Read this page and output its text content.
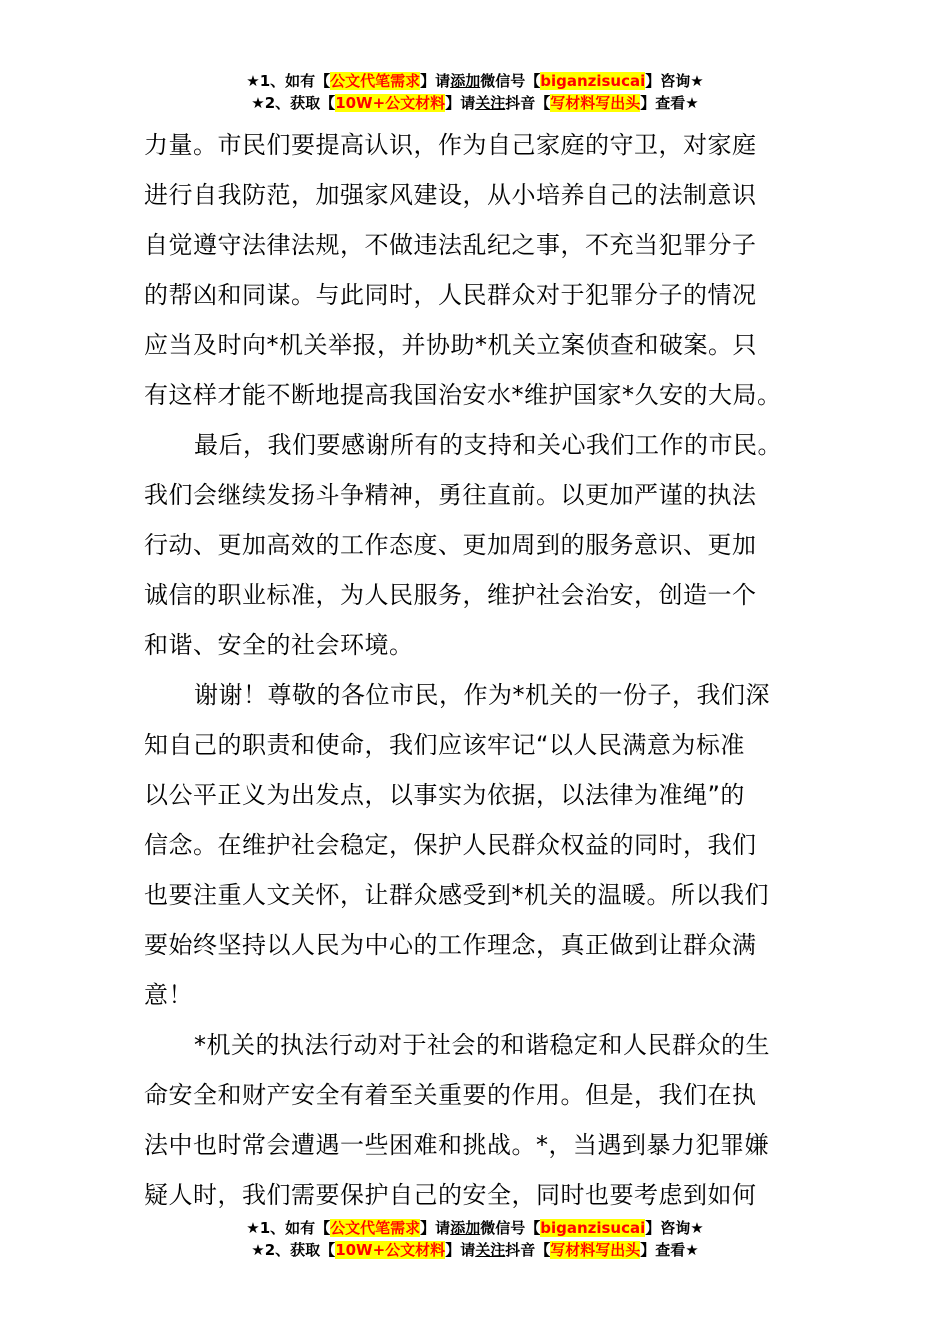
★1、如有【公文代笔需求】请添加微信号【biganzisucai】咨询★
★2、获取【10W+公文材料】请关注抖音【写材料写出头】查看★
力量。市民们要提高认识，作为自己家庭的守卫，对家庭
进行自我防范，加强家风建设，从小培养自己的法制意识
自觉遵守法律法规，不做违法乱纪之事，不充当犯罪分子
的帮凶和同谋。与此同时，人民群众对于犯罪分子的情况
应当及时向*机关举报，并协助*机关立案侦查和破案。只
有这样才能不断地提高我国治安水*维护国家*久安的大局。
最后，我们要感谢所有的支持和关心我们工作的市民。
我们会继续发扬斗争精神，勇往直前。以更加严谨的执法
行动、更加高效的工作态度、更加周到的服务意识、更加
诚信的职业标准，为人民服务，维护社会治安，创造一个
和谐、安全的社会环境。
谢谢！尊敬的各位市民，作为*机关的一份子，我们深
知自己的职责和使命，我们应该牢记“以人民满意为标准
以公平正义为出发点，以事实为依据，以法律为准绳”的
信念。在维护社会稳定，保护人民群众权益的同时，我们
也要注重人文关怀，让群众感受到*机关的温暖。所以我们
要始终坚持以人民为中心的工作理念，真正做到让群众满
意！
*机关的执法行动对于社会的和谐稳定和人民群众的生
命安全和财产安全有着至关重要的作用。但是，我们在执
法中也时常会遭遇一些困难和挑战。*，当遇到暴力犯罪嫌
疑人时，我们需要保护自己的安全，同时也要考虑到如何
★1、如有【公文代笔需求】请添加微信号【biganzisucai】咨询★
★2、获取【10W+公文材料】请关注抖音【写材料写出头】查看★
